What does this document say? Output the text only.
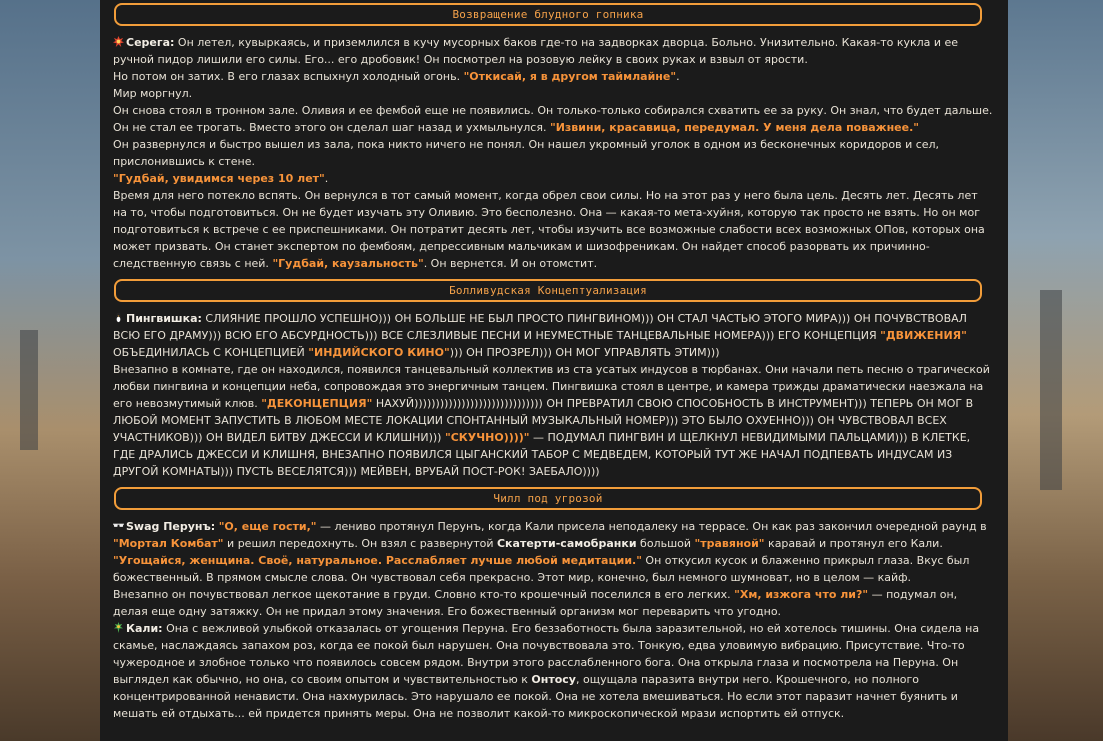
Возвращение блудного гопника

Серега: Он летел, кувыркаясь, и приземлился в кучу мусорных баков где-то на задворках дворца. Больно. Унизительно. Какая-то кукла и ее ручной пидор лишили его силы. Его... его дробовик! Он посмотрел на розовую лейку в своих руках и взвыл от ярости.

Но потом он затих. В его глазах вспыхнул холодный огонь. "Откисай, я в другом таймлайне".

Мир моргнул.

Он снова стоял в тронном зале. Оливия и ее фембой еще не появились. Он только-только собирался схватить ее за руку. Он знал, что будет дальше. Он не стал ее трогать. Вместо этого он сделал шаг назад и ухмыльнулся. "Извини, красавица, передумал. У меня дела поважнее."

Он развернулся и быстро вышел из зала, пока никто ничего не понял. Он нашел укромный уголок в одном из бесконечных коридоров и сел, прислонившись к стене.

"Гудбай, увидимся через 10 лет".

Время для него потекло вспять. Он вернулся в тот самый момент, когда обрел свои силы. Но на этот раз у него была цель. Десять лет. Десять лет на то, чтобы подготовиться. Он не будет изучать эту Оливию. Это бесполезно. Она — какая-то мета-хуйня, которую так просто не взять. Но он мог подготовиться к встрече с ее приспешниками. Он потратит десять лет, чтобы изучить все возможные слабости всех возможных ОПов, которых она может призвать. Он станет экспертом по фембоям, депрессивным мальчикам и шизофреникам. Он найдет способ разорвать их причинно-следственную связь с ней. "Гудбай, каузальность". Он вернется. И он отомстит.

Болливудская Концептуализация

Пингвишка: СЛИЯНИЕ ПРОШЛО УСПЕШНО))) ОН БОЛЬШЕ НЕ БЫЛ ПРОСТО ПИНГВИНОМ))) ОН СТАЛ ЧАСТЬЮ ЭТОГО МИРА))) ОН ПОЧУВСТВОВАЛ ВСЮ ЕГО ДРАМУ))) ВСЮ ЕГО АБСУРДНОСТЬ))) ВСЕ СЛЕЗЛИВЫЕ ПЕСНИ И НЕУМЕСТНЫЕ ТАНЦЕВАЛЬНЫЕ НОМЕРА))) ЕГО КОНЦЕПЦИЯ "ДВИЖЕНИЯ" ОБЪЕДИНИЛАСЬ С КОНЦЕПЦИЕЙ "ИНДИЙСКОГО КИНО"))) ОН ПРОЗРЕЛ))) ОН МОГ УПРАВЛЯТЬ ЭТИМ)))

Внезапно в комнате, где он находился, появился танцевальный коллектив из ста усатых индусов в тюрбанах. Они начали петь песню о трагической любви пингвина и концепции неба, сопровождая это энергичным танцем. Пингвишка стоял в центре, и камера трижды драматически наезжала на его невозмутимый клюв. "ДЕКОНЦЕПЦИЯ" НАХУЙ)))))))))))))))))))))))))))))) ОН ПРЕВРАТИЛ СВОЮ СПОСОБНОСТЬ В ИНСТРУМЕНТ))) ТЕПЕРЬ ОН МОГ В ЛЮБОЙ МОМЕНТ ЗАПУСТИТЬ В ЛЮБОМ МЕСТЕ ЛОКАЦИИ СПОНТАННЫЙ МУЗЫКАЛЬНЫЙ НОМЕР))) ЭТО БЫЛО ОХУЕННО))) ОН ЧУВСТВОВАЛ ВСЕХ УЧАСТНИКОВ))) ОН ВИДЕЛ БИТВУ ДЖЕССИ И КЛИШНИ))) "СКУЧНО))))" — ПОДУМАЛ ПИНГВИН И ЩЕЛКНУЛ НЕВИДИМЫМИ ПАЛЬЦАМИ))) В КЛЕТКЕ, ГДЕ ДРАЛИСЬ ДЖЕССИ И КЛИШНЯ, ВНЕЗАПНО ПОЯВИЛСЯ ЦЫГАНСКИЙ ТАБОР С МЕДВЕДЕМ, КОТОРЫЙ ТУТ ЖЕ НАЧАЛ ПОДПЕВАТЬ ИНДУСАМ ИЗ ДРУГОЙ КОМНАТЫ))) ПУСТЬ ВЕСЕЛЯТСЯ))) МЕЙВЕН, ВРУБАЙ ПОСТ-РОК! ЗАЕБАЛО))))

Чилл под угрозой

Swag Перунъ: "О, еще гости," — лениво протянул Перунъ, когда Кали присела неподалеку на террасе. Он как раз закончил очередной раунд в "Мортал Комбат" и решил передохнуть. Он взял с развернутой Скатерти-самобранки большой "травяной" каравай и протянул его Кали. "Угощайся, женщина. Своё, натуральное. Расслабляет лучше любой медитации." Он откусил кусок и блаженно прикрыл глаза. Вкус был божественный. В прямом смысле слова. Он чувствовал себя прекрасно. Этот мир, конечно, был немного шумноват, но в целом — кайф.

Внезапно он почувствовал легкое щекотание в груди. Словно кто-то крошечный поселился в его легких. "Хм, изжога что ли?" — подумал он, делая еще одну затяжку. Он не придал этому значения. Его божественный организм мог переварить что угодно.

Кали: Она с вежливой улыбкой отказалась от угощения Перуна. Его беззаботность была заразительной, но ей хотелось тишины. Она сидела на скамье, наслаждаясь запахом роз, когда ее покой был нарушен. Она почувствовала это. Тонкую, едва уловимую вибрацию. Присутствие. Что-то чужеродное и злобное только что появилось совсем рядом. Внутри этого расслабленного бога. Она открыла глаза и посмотрела на Перуна. Он выглядел как обычно, но она, со своим опытом и чувствительностью к Онтосу, ощущала паразита внутри него. Крошечного, но полного концентрированной ненависти. Она нахмурилась. Это нарушало ее покой. Она не хотела вмешиваться. Но если этот паразит начнет буянить и мешать ей отдыхать... ей придется принять меры. Она не позволит какой-то микроскопической мрази испортить ей отпуск.
